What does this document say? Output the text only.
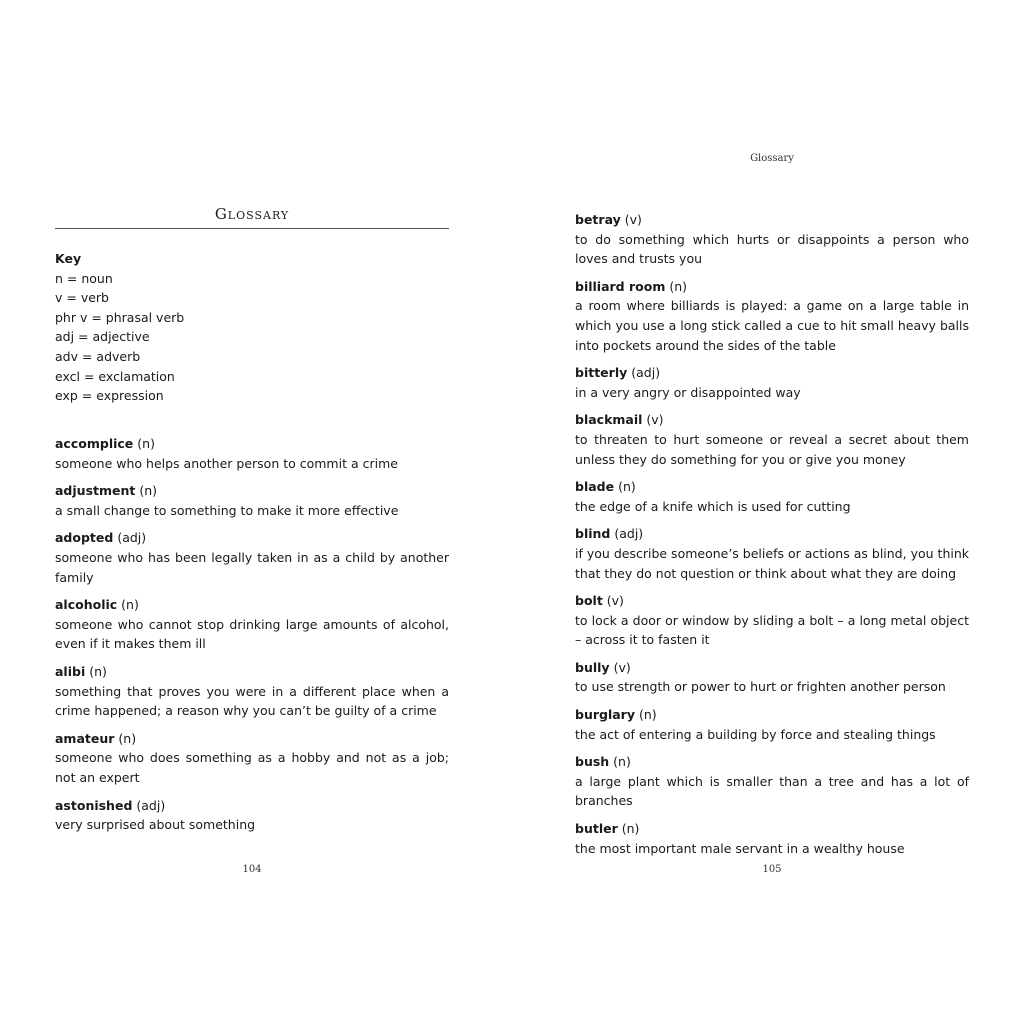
Glossary
Key
n = noun
v = verb
phr v = phrasal verb
adj = adjective
adv = adverb
excl = exclamation
exp = expression
accomplice (n)
someone who helps another person to commit a crime
adjustment (n)
a small change to something to make it more effective
adopted (adj)
someone who has been legally taken in as a child by another family
alcoholic (n)
someone who cannot stop drinking large amounts of alcohol, even if it makes them ill
alibi (n)
something that proves you were in a different place when a crime happened; a reason why you can’t be guilty of a crime
amateur (n)
someone who does something as a hobby and not as a job; not an expert
astonished (adj)
very surprised about something
Glossary
betray (v)
to do something which hurts or disappoints a person who loves and trusts you
billiard room (n)
a room where billiards is played: a game on a large table in which you use a long stick called a cue to hit small heavy balls into pockets around the sides of the table
bitterly (adj)
in a very angry or disappointed way
blackmail (v)
to threaten to hurt someone or reveal a secret about them unless they do something for you or give you money
blade (n)
the edge of a knife which is used for cutting
blind (adj)
if you describe someone’s beliefs or actions as blind, you think that they do not question or think about what they are doing
bolt (v)
to lock a door or window by sliding a bolt – a long metal object – across it to fasten it
bully (v)
to use strength or power to hurt or frighten another person
burglary (n)
the act of entering a building by force and stealing things
bush (n)
a large plant which is smaller than a tree and has a lot of branches
butler (n)
the most important male servant in a wealthy house
104	105
